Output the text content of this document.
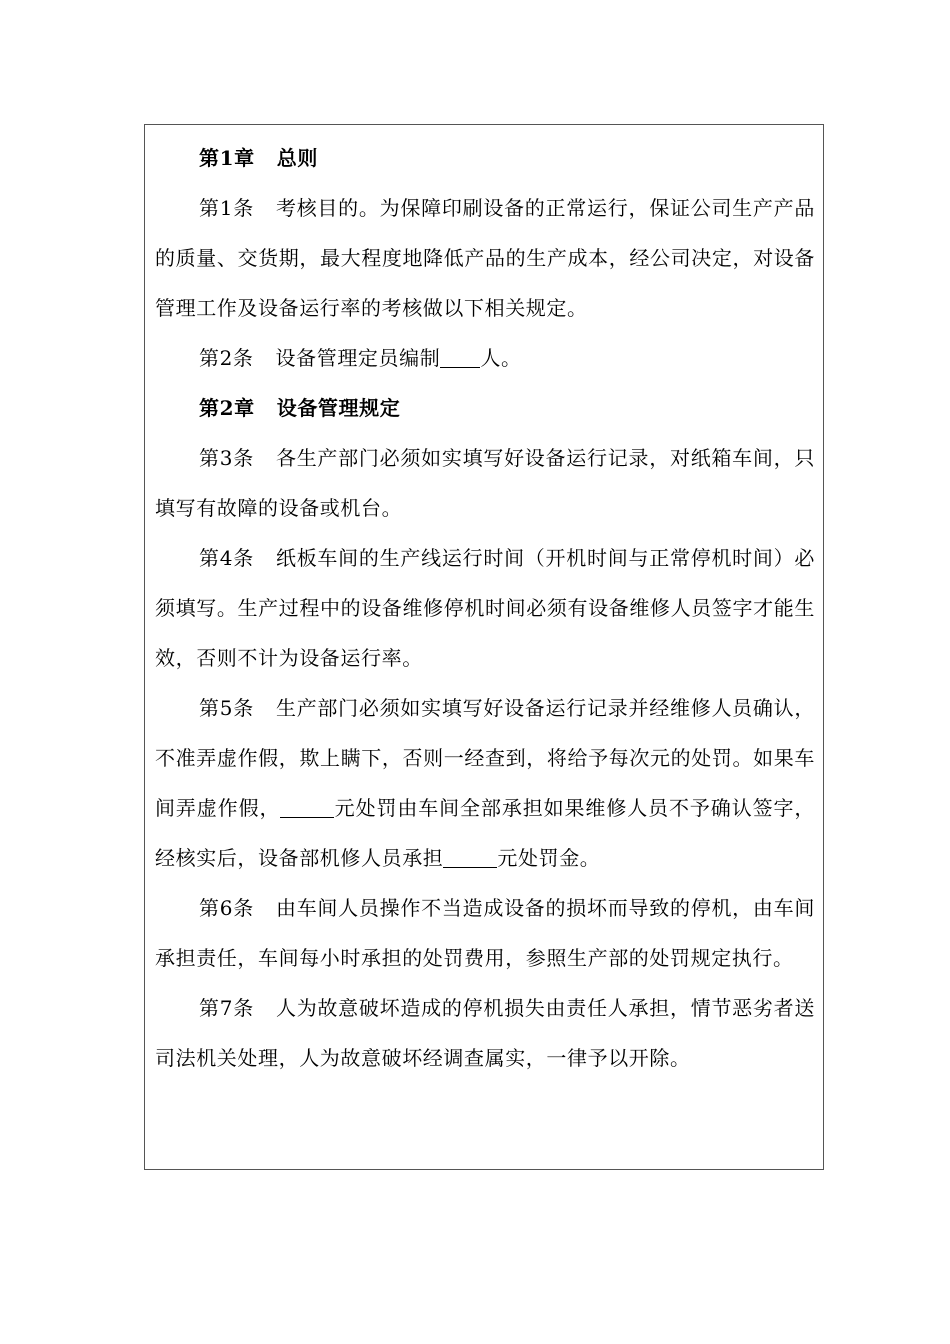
第1章 总则

第1条 考核目的。为保障印刷设备的正常运行，保证公司生产产品的质量、交货期，最大程度地降低产品的生产成本，经公司决定，对设备管理工作及设备运行率的考核做以下相关规定。

第2条 设备管理定员编制 人。

第2章 设备管理规定

第3条 各生产部门必须如实填写好设备运行记录，对纸箱车间，只填写有故障的设备或机台。

第4条 纸板车间的生产线运行时间（开机时间与正常停机时间）必须填写。生产过程中的设备维修停机时间必须有设备维修人员签字才能生效，否则不计为设备运行率。

第5条 生产部门必须如实填写好设备运行记录并经维修人员确认，不准弄虚作假，欺上瞒下，否则一经查到，将给予每次元的处罚。如果车间弄虚作假，	元处罚由车间全部承担如果维修人员不予确认签字，经核实后，设备部机修人员承担	元处罚金。

第6条 由车间人员操作不当造成设备的损坏而导致的停机，由车间承担责任，车间每小时承担的处罚费用，参照生产部的处罚规定执行。

第7条 人为故意破坏造成的停机损失由责任人承担，情节恶劣者送司法机关处理，人为故意破坏经调查属实，一律予以开除。
